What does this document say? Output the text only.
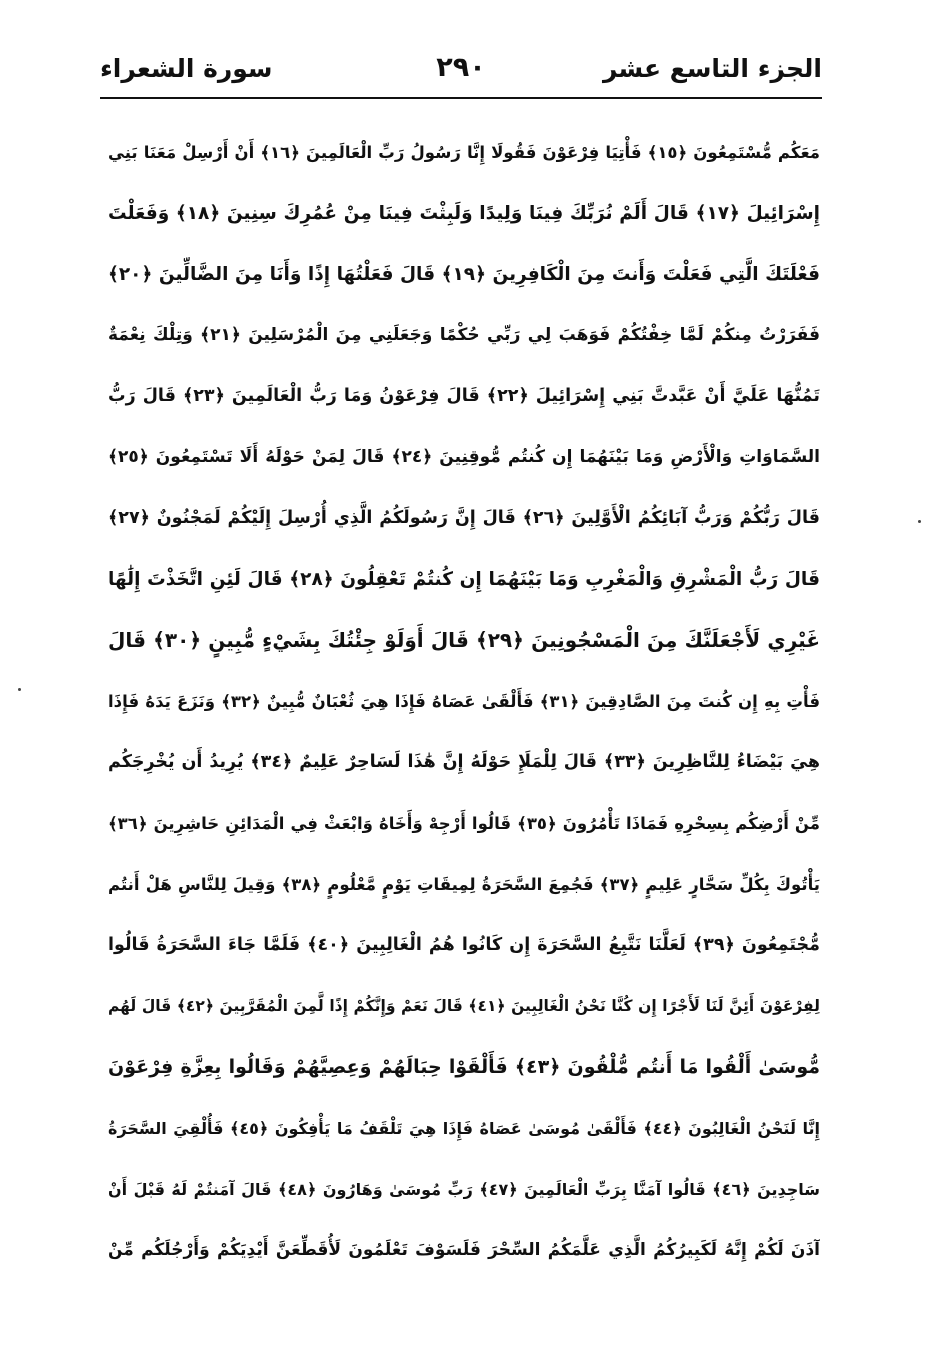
الجزء التاسع عشر
٢٩٠
سورة الشعراء
مَعَكُم مُّسْتَمِعُونَ ﴿١٥﴾ فَأْتِيَا فِرْعَوْنَ فَقُولَا إِنَّا رَسُولُ رَبِّ الْعَالَمِينَ ﴿١٦﴾ أَنْ أَرْسِلْ مَعَنَا بَنِي
إِسْرَائِيلَ ﴿١٧﴾ قَالَ أَلَمْ نُرَبِّكَ فِينَا وَلِيدًا وَلَبِثْتَ فِينَا مِنْ عُمُرِكَ سِنِينَ ﴿١٨﴾ وَفَعَلْتَ
فَعْلَتَكَ الَّتِي فَعَلْتَ وَأَنتَ مِنَ الْكَافِرِينَ ﴿١٩﴾ قَالَ فَعَلْتُهَا إِذًا وَأَنَا مِنَ الضَّالِّينَ ﴿٢٠﴾
فَفَرَرْتُ مِنكُمْ لَمَّا خِفْتُكُمْ فَوَهَبَ لِي رَبِّي حُكْمًا وَجَعَلَنِي مِنَ الْمُرْسَلِينَ ﴿٢١﴾ وَتِلْكَ نِعْمَةٌ
تَمُنُّهَا عَلَيَّ أَنْ عَبَّدتَّ بَنِي إِسْرَائِيلَ ﴿٢٢﴾ قَالَ فِرْعَوْنُ وَمَا رَبُّ الْعَالَمِينَ ﴿٢٣﴾ قَالَ رَبُّ
السَّمَاوَاتِ وَالْأَرْضِ وَمَا بَيْنَهُمَا إِن كُنتُم مُّوقِنِينَ ﴿٢٤﴾ قَالَ لِمَنْ حَوْلَهُ أَلَا تَسْتَمِعُونَ ﴿٢٥﴾
قَالَ رَبُّكُمْ وَرَبُّ آبَائِكُمُ الْأَوَّلِينَ ﴿٢٦﴾ قَالَ إِنَّ رَسُولَكُمُ الَّذِي أُرْسِلَ إِلَيْكُمْ لَمَجْنُونٌ ﴿٢٧﴾
قَالَ رَبُّ الْمَشْرِقِ وَالْمَغْرِبِ وَمَا بَيْنَهُمَا إِن كُنتُمْ تَعْقِلُونَ ﴿٢٨﴾ قَالَ لَئِنِ اتَّخَذْتَ إِلَٰهًا
غَيْرِي لَأَجْعَلَنَّكَ مِنَ الْمَسْجُونِينَ ﴿٢٩﴾ قَالَ أَوَلَوْ جِئْتُكَ بِشَيْءٍ مُّبِينٍ ﴿٣٠﴾ قَالَ
فَأْتِ بِهِ إِن كُنتَ مِنَ الصَّادِقِينَ ﴿٣١﴾ فَأَلْقَىٰ عَصَاهُ فَإِذَا هِيَ ثُعْبَانٌ مُّبِينٌ ﴿٣٢﴾ وَنَزَعَ يَدَهُ فَإِذَا
هِيَ بَيْضَاءُ لِلنَّاظِرِينَ ﴿٣٣﴾ قَالَ لِلْمَلَإِ حَوْلَهُ إِنَّ هَٰذَا لَسَاحِرٌ عَلِيمٌ ﴿٣٤﴾ يُرِيدُ أَن يُخْرِجَكُم
مِّنْ أَرْضِكُم بِسِحْرِهِ فَمَاذَا تَأْمُرُونَ ﴿٣٥﴾ قَالُوا أَرْجِهْ وَأَخَاهُ وَابْعَثْ فِي الْمَدَائِنِ حَاشِرِينَ ﴿٣٦﴾
يَأْتُوكَ بِكُلِّ سَحَّارٍ عَلِيمٍ ﴿٣٧﴾ فَجُمِعَ السَّحَرَةُ لِمِيقَاتِ يَوْمٍ مَّعْلُومٍ ﴿٣٨﴾ وَقِيلَ لِلنَّاسِ هَلْ أَنتُم
مُّجْتَمِعُونَ ﴿٣٩﴾ لَعَلَّنَا نَتَّبِعُ السَّحَرَةَ إِن كَانُوا هُمُ الْغَالِبِينَ ﴿٤٠﴾ فَلَمَّا جَاءَ السَّحَرَةُ قَالُوا
لِفِرْعَوْنَ أَئِنَّ لَنَا لَأَجْرًا إِن كُنَّا نَحْنُ الْغَالِبِينَ ﴿٤١﴾ قَالَ نَعَمْ وَإِنَّكُمْ إِذًا لَّمِنَ الْمُقَرَّبِينَ ﴿٤٢﴾ قَالَ لَهُم
مُّوسَىٰ أَلْقُوا مَا أَنتُم مُّلْقُونَ ﴿٤٣﴾ فَأَلْقَوْا حِبَالَهُمْ وَعِصِيَّهُمْ وَقَالُوا بِعِزَّةِ فِرْعَوْنَ
إِنَّا لَنَحْنُ الْغَالِبُونَ ﴿٤٤﴾ فَأَلْقَىٰ مُوسَىٰ عَصَاهُ فَإِذَا هِيَ تَلْقَفُ مَا يَأْفِكُونَ ﴿٤٥﴾ فَأُلْقِيَ السَّحَرَةُ
سَاجِدِينَ ﴿٤٦﴾ قَالُوا آمَنَّا بِرَبِّ الْعَالَمِينَ ﴿٤٧﴾ رَبِّ مُوسَىٰ وَهَارُونَ ﴿٤٨﴾ قَالَ آمَنتُمْ لَهُ قَبْلَ أَنْ
آذَنَ لَكُمْ إِنَّهُ لَكَبِيرُكُمُ الَّذِي عَلَّمَكُمُ السِّحْرَ فَلَسَوْفَ تَعْلَمُونَ لَأُقَطِّعَنَّ أَيْدِيَكُمْ وَأَرْجُلَكُم مِّنْ
